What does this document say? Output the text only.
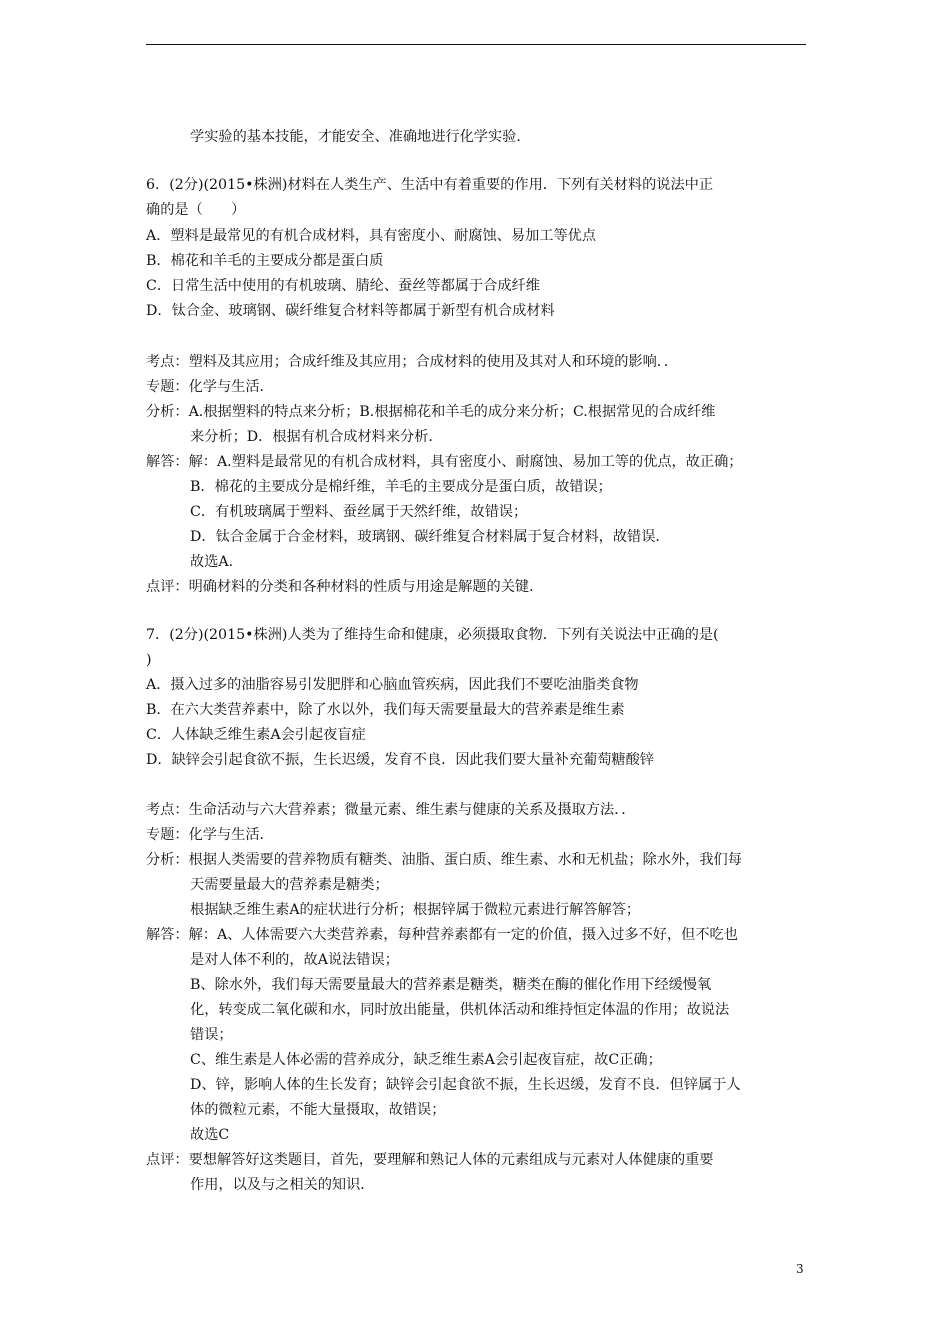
学实验的基本技能，才能安全、准确地进行化学实验．
6．(2分)(2015•株洲)材料在人类生产、生活中有着重要的作用．下列有关材料的说法中正
确的是（　　）
A．塑料是最常见的有机合成材料，具有密度小、耐腐蚀、易加工等优点
B．棉花和羊毛的主要成分都是蛋白质
C．日常生活中使用的有机玻璃、腈纶、蚕丝等都属于合成纤维
D．钛合金、玻璃钢、碳纤维复合材料等都属于新型有机合成材料
考点：塑料及其应用；合成纤维及其应用；合成材料的使用及其对人和环境的影响．．
专题：化学与生活．
分析：A.根据塑料的特点来分析；B.根据棉花和羊毛的成分来分析；C.根据常见的合成纤维
来分析；D．根据有机合成材料来分析．
解答：解：A.塑料是最常见的有机合成材料，具有密度小、耐腐蚀、易加工等的优点，故正确；
B．棉花的主要成分是棉纤维，羊毛的主要成分是蛋白质，故错误；
C．有机玻璃属于塑料、蚕丝属于天然纤维，故错误；
D．钛合金属于合金材料，玻璃钢、碳纤维复合材料属于复合材料，故错误．
故选A．
点评：明确材料的分类和各种材料的性质与用途是解题的关键．
7．(2分)(2015•株洲)人类为了维持生命和健康，必须摄取食物．下列有关说法中正确的是(
)
A．摄入过多的油脂容易引发肥胖和心脑血管疾病，因此我们不要吃油脂类食物
B．在六大类营养素中，除了水以外，我们每天需要量最大的营养素是维生素
C．人体缺乏维生素A会引起夜盲症
D．缺锌会引起食欲不振，生长迟缓，发育不良．因此我们要大量补充葡萄糖酸锌
考点：生命活动与六大营养素；微量元素、维生素与健康的关系及摄取方法．．
专题：化学与生活．
分析：根据人类需要的营养物质有糖类、油脂、蛋白质、维生素、水和无机盐；除水外，我们每
天需要量最大的营养素是糖类；
根据缺乏维生素A的症状进行分析；根据锌属于微粒元素进行解答解答；
解答：解：A、人体需要六大类营养素，每种营养素都有一定的价值，摄入过多不好，但不吃也
是对人体不利的，故A说法错误；
B、除水外，我们每天需要量最大的营养素是糖类，糖类在酶的催化作用下经缓慢氧
化，转变成二氧化碳和水，同时放出能量，供机体活动和维持恒定体温的作用；故说法
错误；
C、维生素是人体必需的营养成分，缺乏维生素A会引起夜盲症，故C正确；
D、锌，影响人体的生长发育；缺锌会引起食欲不振，生长迟缓，发育不良．但锌属于人
体的微粒元素，不能大量摄取，故错误；
故选C
点评：要想解答好这类题目，首先，要理解和熟记人体的元素组成与元素对人体健康的重要
作用，以及与之相关的知识．
3
